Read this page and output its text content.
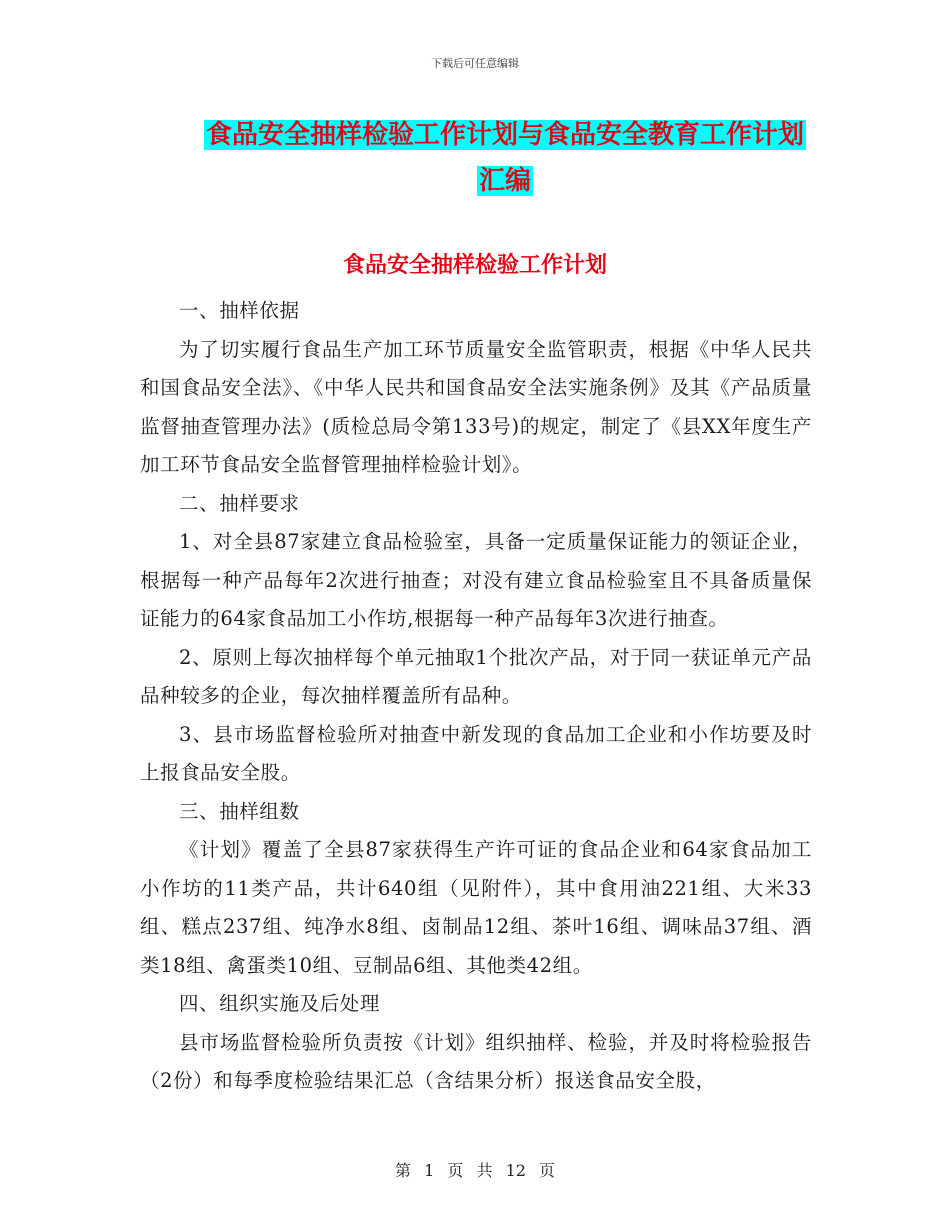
下载后可任意编辑
食品安全抽样检验工作计划与食品安全教育工作计划
汇编
食品安全抽样检验工作计划

一、抽样依据

为了切实履行食品生产加工环节质量安全监管职责，根据《中华人民共和国食品安全法》、《中华人民共和国食品安全法实施条例》及其《产品质量监督抽查管理办法》(质检总局令第133号)的规定，制定了《县XX年度生产加工环节食品安全监督管理抽样检验计划》。

二、抽样要求

1、对全县87家建立食品检验室，具备一定质量保证能力的领证企业，根据每一种产品每年2次进行抽查；对没有建立食品检验室且不具备质量保证能力的64家食品加工小作坊,根据每一种产品每年3次进行抽查。

2、原则上每次抽样每个单元抽取1个批次产品，对于同一获证单元产品品种较多的企业，每次抽样覆盖所有品种。

3、县市场监督检验所对抽查中新发现的食品加工企业和小作坊要及时上报食品安全股。

三、抽样组数

《计划》覆盖了全县87家获得生产许可证的食品企业和64家食品加工小作坊的11类产品，共计640组（见附件），其中食用油221组、大米33组、糕点237组、纯净水8组、卤制品12组、茶叶16组、调味品37组、酒类18组、禽蛋类10组、豆制品6组、其他类42组。

四、组织实施及后处理

县市场监督检验所负责按《计划》组织抽样、检验，并及时将检验报告（2份）和每季度检验结果汇总（含结果分析）报送食品安全股，

第 1 页 共 12 页
